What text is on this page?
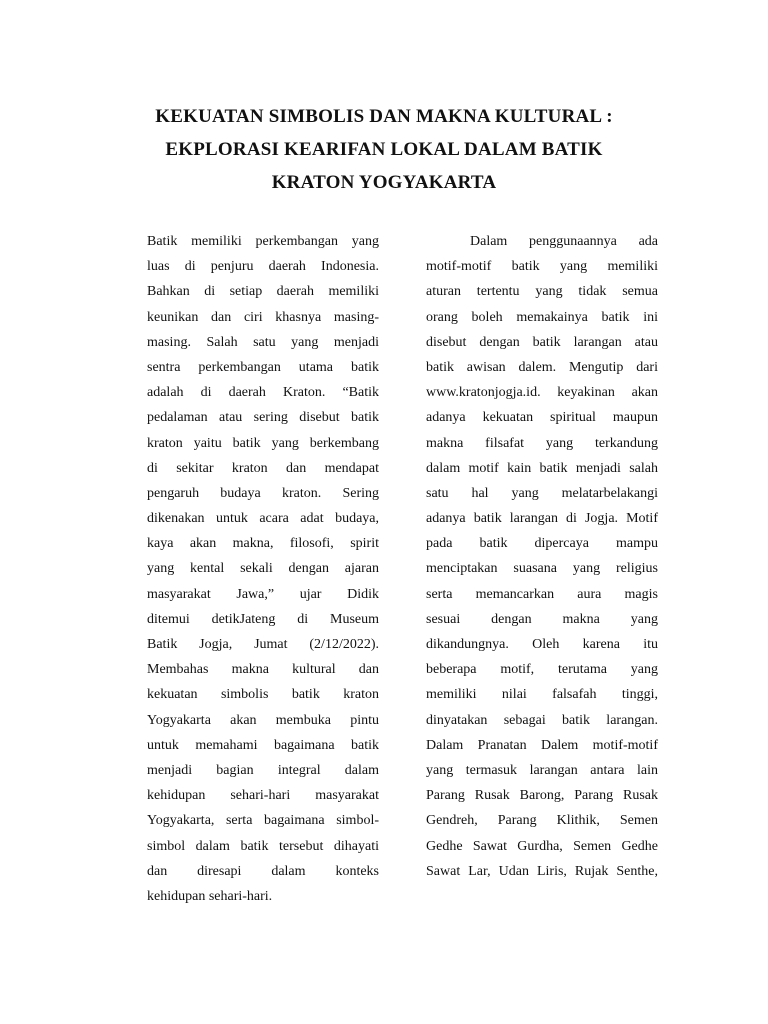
KEKUATAN SIMBOLIS DAN MAKNA KULTURAL :
EKPLORASI KEARIFAN LOKAL DALAM BATIK
KRATON YOGYAKARTA
Batik memiliki perkembangan yang
luas di penjuru daerah Indonesia.
Bahkan di setiap daerah memiliki
keunikan dan ciri khasnya masing-
masing. Salah satu yang menjadi
sentra perkembangan utama batik
adalah di daerah Kraton. “Batik
pedalaman atau sering disebut batik
kraton yaitu batik yang berkembang
di sekitar kraton dan mendapat
pengaruh budaya kraton. Sering
dikenakan untuk acara adat budaya,
kaya akan makna, filosofi, spirit
yang kental sekali dengan ajaran
masyarakat Jawa,” ujar Didik
ditemui detikJateng di Museum
Batik Jogja, Jumat (2/12/2022).
Membahas makna kultural dan
kekuatan simbolis batik kraton
Yogyakarta akan membuka pintu
untuk memahami bagaimana batik
menjadi bagian integral dalam
kehidupan sehari-hari masyarakat
Yogyakarta, serta bagaimana simbol-
simbol dalam batik tersebut dihayati
dan diresapi dalam konteks
kehidupan sehari-hari.
Dalam penggunaannya ada
motif-motif batik yang memiliki
aturan tertentu yang tidak semua
orang boleh memakainya batik ini
disebut dengan batik larangan atau
batik awisan dalem. Mengutip dari
www.kratonjogja.id. keyakinan akan
adanya kekuatan spiritual maupun
makna filsafat yang terkandung
dalam motif kain batik menjadi salah
satu hal yang melatarbelakangi
adanya batik larangan di Jogja. Motif
pada batik dipercaya mampu
menciptakan suasana yang religius
serta memancarkan aura magis
sesuai dengan makna yang
dikandungnya. Oleh karena itu
beberapa motif, terutama yang
memiliki nilai falsafah tinggi,
dinyatakan sebagai batik larangan.
Dalam Pranatan Dalem motif-motif
yang termasuk larangan antara lain
Parang Rusak Barong, Parang Rusak
Gendreh, Parang Klithik, Semen
Gedhe Sawat Gurdha, Semen Gedhe
Sawat Lar, Udan Liris, Rujak Senthe,
